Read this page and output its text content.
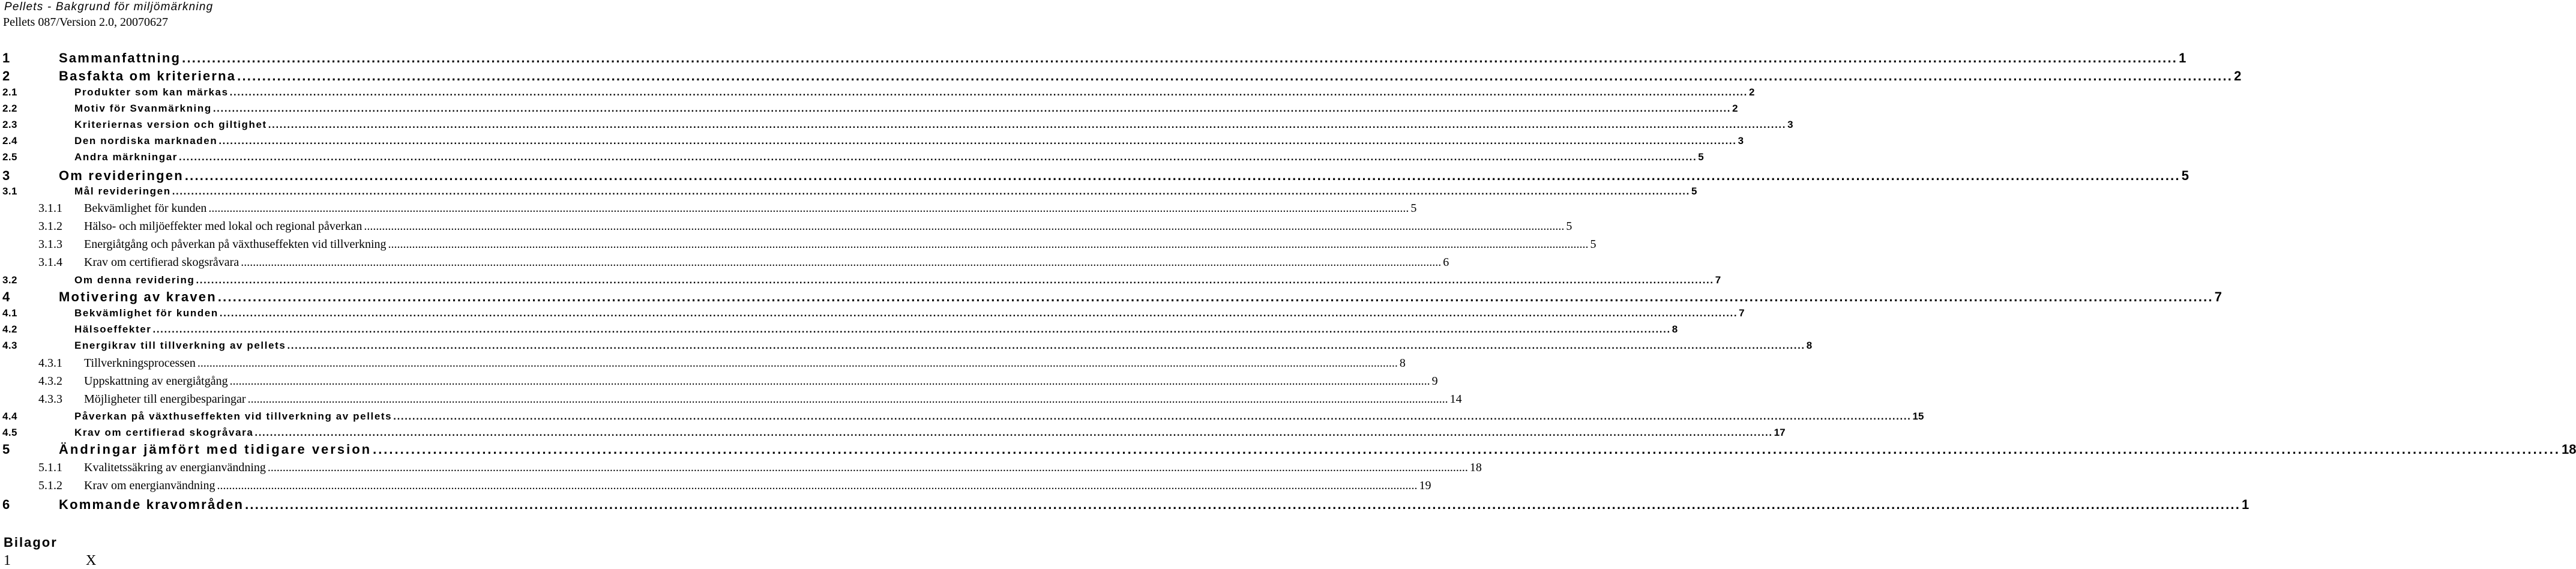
Pellets - Bakgrund för miljömärkning
Pellets 087/Version 2.0, 20070627
1	Sammanfattning ................................................................................................................................................................................................................................................................................................................................................................................................................ 1
2	Basfakta om kriterierna ................................................................................................................................................................................................................................................................................................................................................................................................................ 2
2.1	Produkter som kan märkas ................................................................................................................................................................................................................................................................................................................................................................................................................ 2
2.2	Motiv för Svanmärkning ................................................................................................................................................................................................................................................................................................................................................................................................................ 2
2.3	Kriteriernas version och giltighet ................................................................................................................................................................................................................................................................................................................................................................................................................ 3
2.4	Den nordiska marknaden ................................................................................................................................................................................................................................................................................................................................................................................................................ 3
2.5	Andra märkningar ................................................................................................................................................................................................................................................................................................................................................................................................................ 5
3	Om revideringen ................................................................................................................................................................................................................................................................................................................................................................................................................ 5
3.1	Mål revideringen ................................................................................................................................................................................................................................................................................................................................................................................................................ 5
3.1.1	Bekvämlighet för kunden ................................................................................................................................................................................................................................................................................................................................................................................................................ 5
3.1.2	Hälso- och miljöeffekter med lokal och regional påverkan ................................................................................................................................................................................................................................................................................................................................................................................................................ 5
3.1.3	Energiåtgång och påverkan på växthuseffekten vid tillverkning ................................................................................................................................................................................................................................................................................................................................................................................................................ 5
3.1.4	Krav om certifierad skogsråvara ................................................................................................................................................................................................................................................................................................................................................................................................................ 6
3.2	Om denna revidering ................................................................................................................................................................................................................................................................................................................................................................................................................ 7
4	Motivering av kraven ................................................................................................................................................................................................................................................................................................................................................................................................................ 7
4.1	Bekvämlighet för kunden ................................................................................................................................................................................................................................................................................................................................................................................................................ 7
4.2	Hälsoeffekter ................................................................................................................................................................................................................................................................................................................................................................................................................ 8
4.3	Energikrav till tillverkning av pellets ................................................................................................................................................................................................................................................................................................................................................................................................................ 8
4.3.1	Tillverkningsprocessen ................................................................................................................................................................................................................................................................................................................................................................................................................ 8
4.3.2	Uppskattning av energiåtgång ................................................................................................................................................................................................................................................................................................................................................................................................................ 9
4.3.3	Möjligheter till energibesparingar ................................................................................................................................................................................................................................................................................................................................................................................................................ 14
4.4	Påverkan på växthuseffekten vid tillverkning av pellets ................................................................................................................................................................................................................................................................................................................................................................................................................ 15
4.5	Krav om certifierad skogråvara ................................................................................................................................................................................................................................................................................................................................................................................................................ 17
5	Ändringar jämfört med tidigare version ................................................................................................................................................................................................................................................................................................................................................................................................................ 18
5.1.1	Kvalitetssäkring av energianvändning ................................................................................................................................................................................................................................................................................................................................................................................................................ 18
5.1.2	Krav om energianvändning ................................................................................................................................................................................................................................................................................................................................................................................................................ 19
6	Kommande kravområden ................................................................................................................................................................................................................................................................................................................................................................................................................ 1
Bilagor
1	X
